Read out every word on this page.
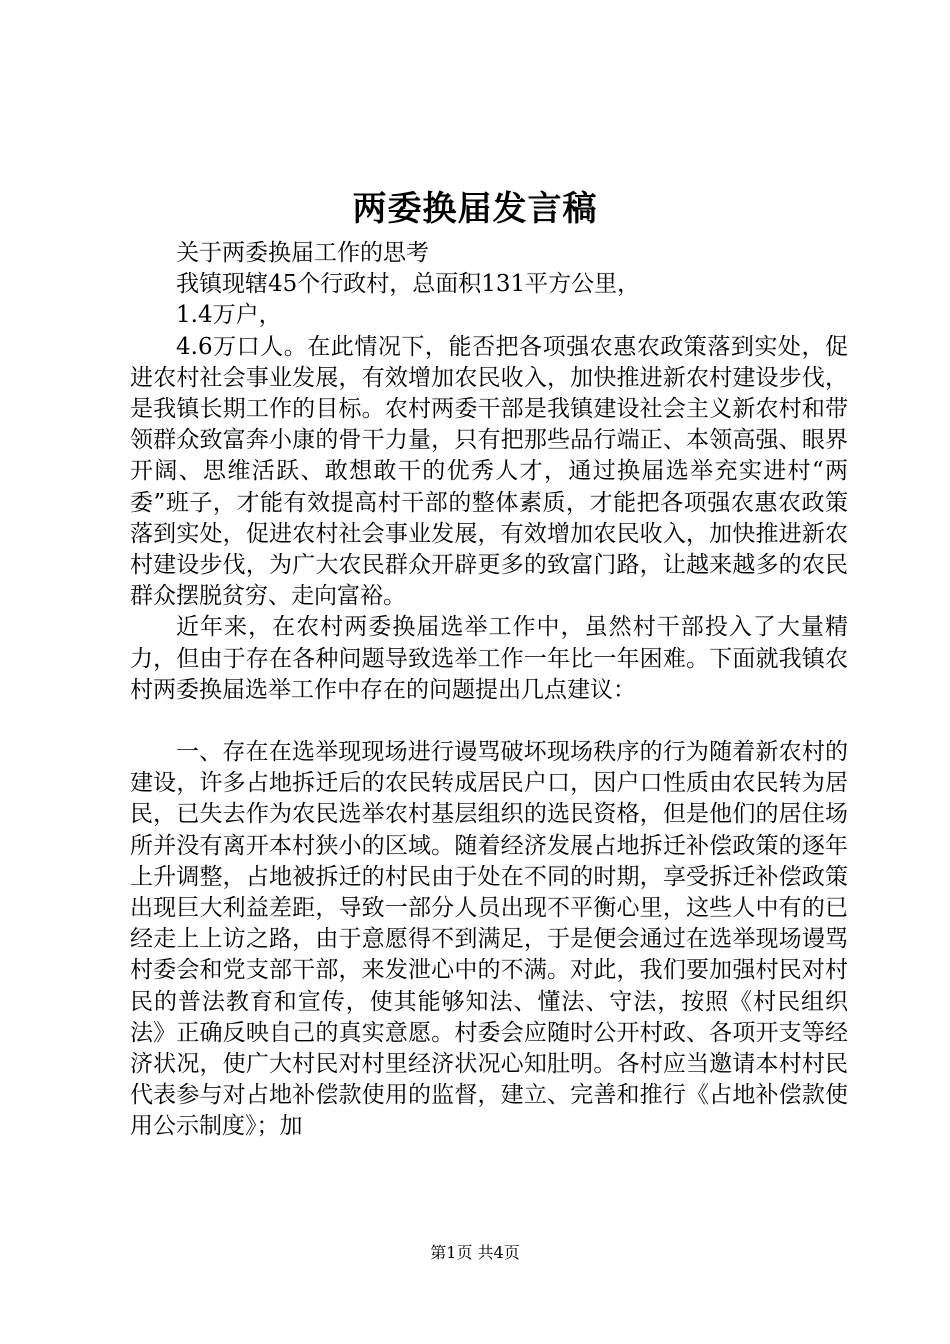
两委换届发言稿

关于两委换届工作的思考

我镇现辖45个行政村，总面积131平方公里，

1.4万户，

4.6万口人。在此情况下，能否把各项强农惠农政策落到实处，促进农村社会事业发展，有效增加农民收入，加快推进新农村建设步伐，是我镇长期工作的目标。农村两委干部是我镇建设社会主义新农村和带领群众致富奔小康的骨干力量，只有把那些品行端正、本领高强、眼界开阔、思维活跃、敢想敢干的优秀人才，通过换届选举充实进村“两委”班子，才能有效提高村干部的整体素质，才能把各项强农惠农政策落到实处，促进农村社会事业发展，有效增加农民收入，加快推进新农村建设步伐，为广大农民群众开辟更多的致富门路，让越来越多的农民群众摆脱贫穷、走向富裕。

近年来，在农村两委换届选举工作中，虽然村干部投入了大量精力，但由于存在各种问题导致选举工作一年比一年困难。下面就我镇农村两委换届选举工作中存在的问题提出几点建议：

一、存在在选举现现场进行谩骂破坏现场秩序的行为随着新农村的建设，许多占地拆迁后的农民转成居民户口，因户口性质由农民转为居民，已失去作为农民选举农村基层组织的选民资格，但是他们的居住场所并没有离开本村狭小的区域。随着经济发展占地拆迁补偿政策的逐年上升调整，占地被拆迁的村民由于处在不同的时期，享受拆迁补偿政策出现巨大利益差距，导致一部分人员出现不平衡心里，这些人中有的已经走上上访之路，由于意愿得不到满足，于是便会通过在选举现场谩骂村委会和党支部干部，来发泄心中的不满。对此，我们要加强村民对村民的普法教育和宣传，使其能够知法、懂法、守法，按照《村民组织法》正确反映自己的真实意愿。村委会应随时公开村政、各项开支等经济状况，使广大村民对村里经济状况心知肚明。各村应当邀请本村村民代表参与对占地补偿款使用的监督，建立、完善和推行《占地补偿款使用公示制度》；加

第1页 共4页
